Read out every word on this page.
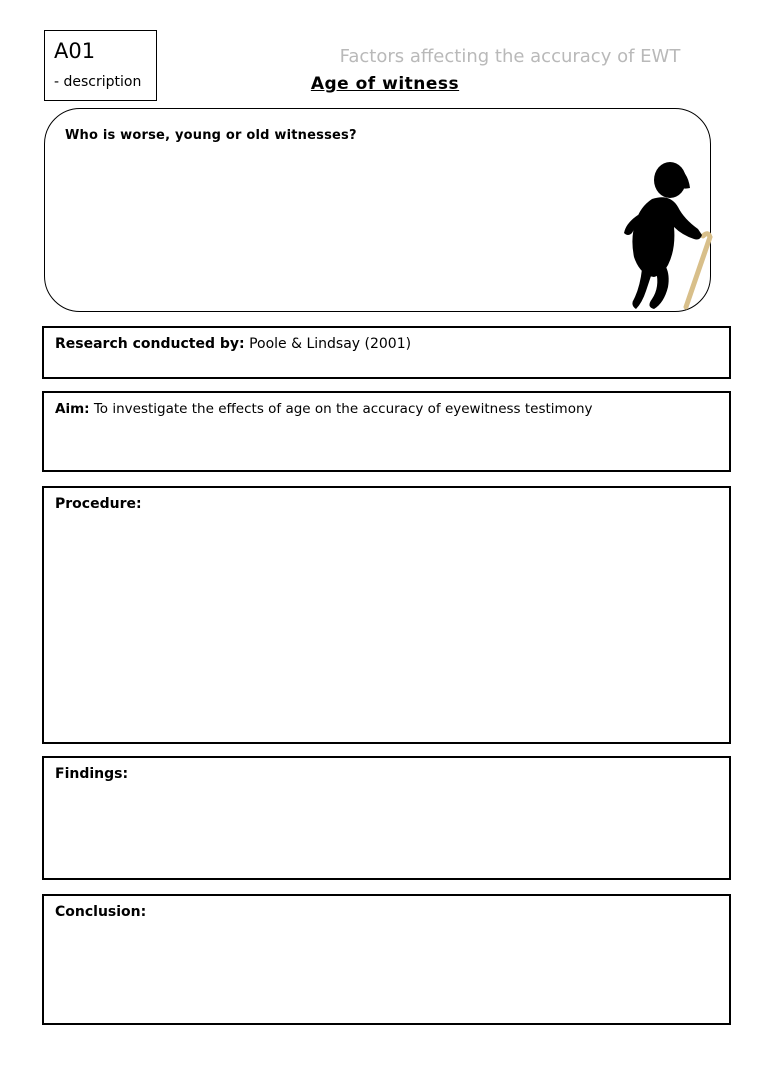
A01
- description
Factors affecting the accuracy of EWT
Age of witness
Who is worse, young or old witnesses?
Research conducted by: Poole & Lindsay (2001)
Aim: To investigate the effects of age on the accuracy of eyewitness testimony
Procedure:
Findings:
Conclusion:
